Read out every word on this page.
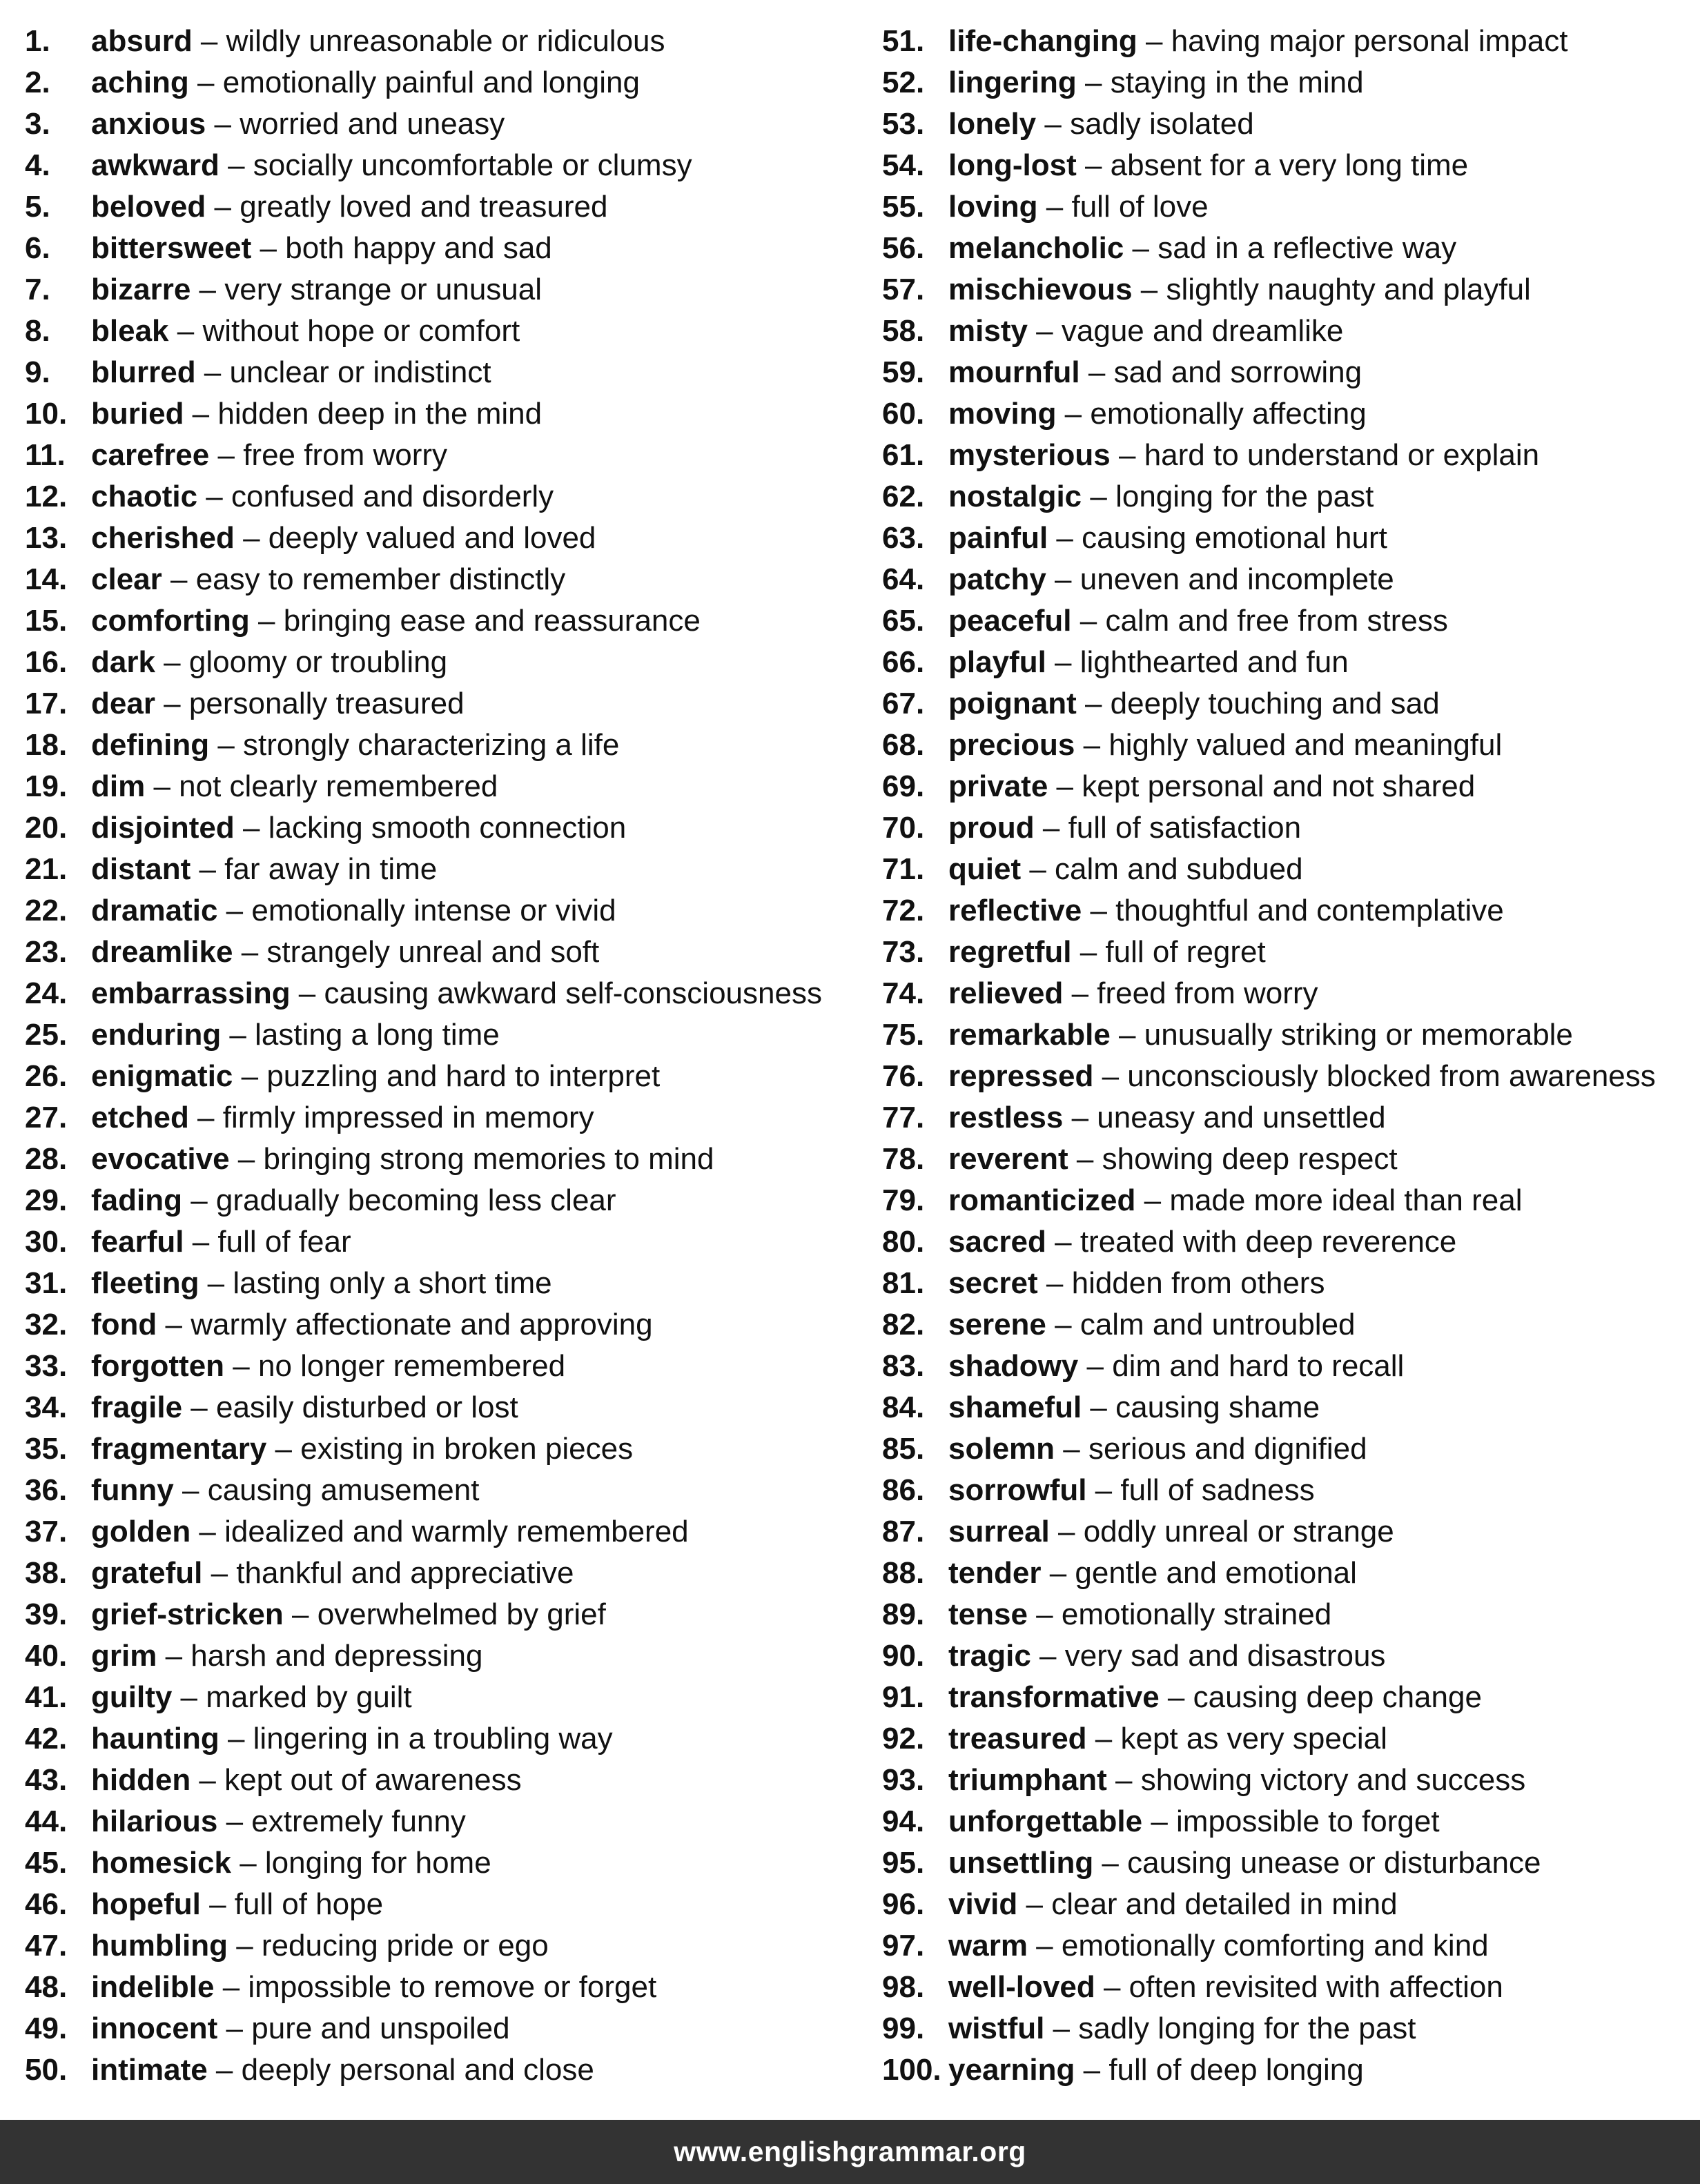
1. absurd – wildly unreasonable or ridiculous
2. aching – emotionally painful and longing
3. anxious – worried and uneasy
4. awkward – socially uncomfortable or clumsy
5. beloved – greatly loved and treasured
6. bittersweet – both happy and sad
7. bizarre – very strange or unusual
8. bleak – without hope or comfort
9. blurred – unclear or indistinct
10. buried – hidden deep in the mind
11. carefree – free from worry
12. chaotic – confused and disorderly
13. cherished – deeply valued and loved
14. clear – easy to remember distinctly
15. comforting – bringing ease and reassurance
16. dark – gloomy or troubling
17. dear – personally treasured
18. defining – strongly characterizing a life
19. dim – not clearly remembered
20. disjointed – lacking smooth connection
21. distant – far away in time
22. dramatic – emotionally intense or vivid
23. dreamlike – strangely unreal and soft
24. embarrassing – causing awkward self-consciousness
25. enduring – lasting a long time
26. enigmatic – puzzling and hard to interpret
27. etched – firmly impressed in memory
28. evocative – bringing strong memories to mind
29. fading – gradually becoming less clear
30. fearful – full of fear
31. fleeting – lasting only a short time
32. fond – warmly affectionate and approving
33. forgotten – no longer remembered
34. fragile – easily disturbed or lost
35. fragmentary – existing in broken pieces
36. funny – causing amusement
37. golden – idealized and warmly remembered
38. grateful – thankful and appreciative
39. grief-stricken – overwhelmed by grief
40. grim – harsh and depressing
41. guilty – marked by guilt
42. haunting – lingering in a troubling way
43. hidden – kept out of awareness
44. hilarious – extremely funny
45. homesick – longing for home
46. hopeful – full of hope
47. humbling – reducing pride or ego
48. indelible – impossible to remove or forget
49. innocent – pure and unspoiled
50. intimate – deeply personal and close
51. life-changing – having major personal impact
52. lingering – staying in the mind
53. lonely – sadly isolated
54. long-lost – absent for a very long time
55. loving – full of love
56. melancholic – sad in a reflective way
57. mischievous – slightly naughty and playful
58. misty – vague and dreamlike
59. mournful – sad and sorrowing
60. moving – emotionally affecting
61. mysterious – hard to understand or explain
62. nostalgic – longing for the past
63. painful – causing emotional hurt
64. patchy – uneven and incomplete
65. peaceful – calm and free from stress
66. playful – lighthearted and fun
67. poignant – deeply touching and sad
68. precious – highly valued and meaningful
69. private – kept personal and not shared
70. proud – full of satisfaction
71. quiet – calm and subdued
72. reflective – thoughtful and contemplative
73. regretful – full of regret
74. relieved – freed from worry
75. remarkable – unusually striking or memorable
76. repressed – unconsciously blocked from awareness
77. restless – uneasy and unsettled
78. reverent – showing deep respect
79. romanticized – made more ideal than real
80. sacred – treated with deep reverence
81. secret – hidden from others
82. serene – calm and untroubled
83. shadowy – dim and hard to recall
84. shameful – causing shame
85. solemn – serious and dignified
86. sorrowful – full of sadness
87. surreal – oddly unreal or strange
88. tender – gentle and emotional
89. tense – emotionally strained
90. tragic – very sad and disastrous
91. transformative – causing deep change
92. treasured – kept as very special
93. triumphant – showing victory and success
94. unforgettable – impossible to forget
95. unsettling – causing unease or disturbance
96. vivid – clear and detailed in mind
97. warm – emotionally comforting and kind
98. well-loved – often revisited with affection
99. wistful – sadly longing for the past
100. yearning – full of deep longing
www.englishgrammar.org
